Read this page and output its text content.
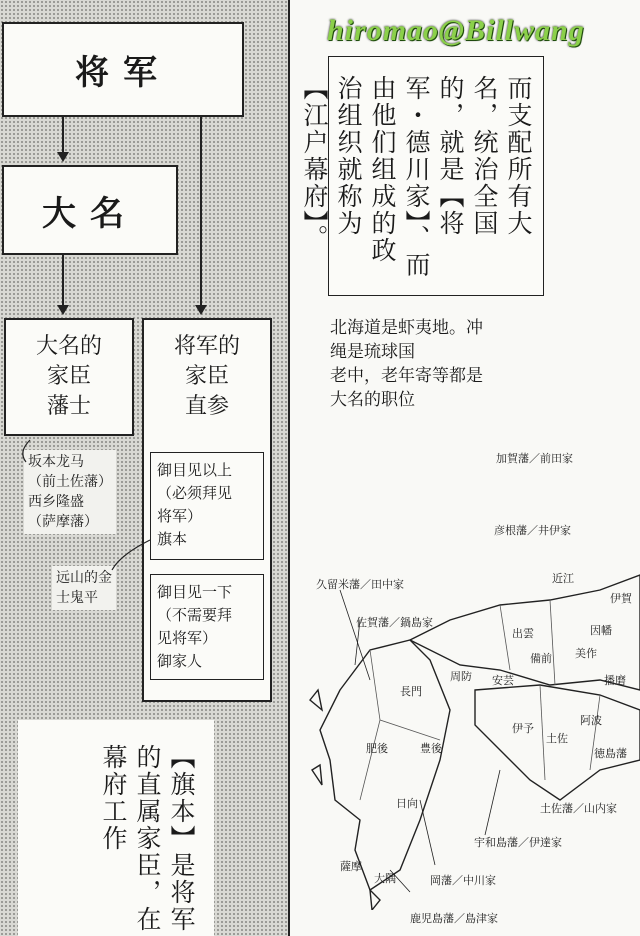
将军
大名
大名的
家臣
藩士
将军的
家臣
直参
御目见以上
（必须拜见
将军）
旗本
御目见一下
（不需要拜
见将军）
御家人
坂本龙马
（前土佐藩）
西乡隆盛
（萨摩藩）
远山的金
士鬼平
【旗本】是将军的直属家臣，在幕府工作
而支配所有大名，统治全国的，就是【将军・德川家】、而由他们组成的政治组织就称为【江户幕府】。
北海道是虾夷地。冲
绳是琉球国
老中，老年寄等都是
大名的职位
hiromao@Billwang
加賀藩／前田家
彦根藩／井伊家
久留米藩／田中家
佐賀藩／鍋島家
宇和島藩／伊達家
土佐藩／山内家
徳島藩
岡藩／中川家
鹿児島藩／島津家
土佐
阿波
伊予
豊後
日向
薩摩
大隅
肥後
長門
周防 安芸
備前
出雲
美作
因幡
播磨
近江
伊賀
